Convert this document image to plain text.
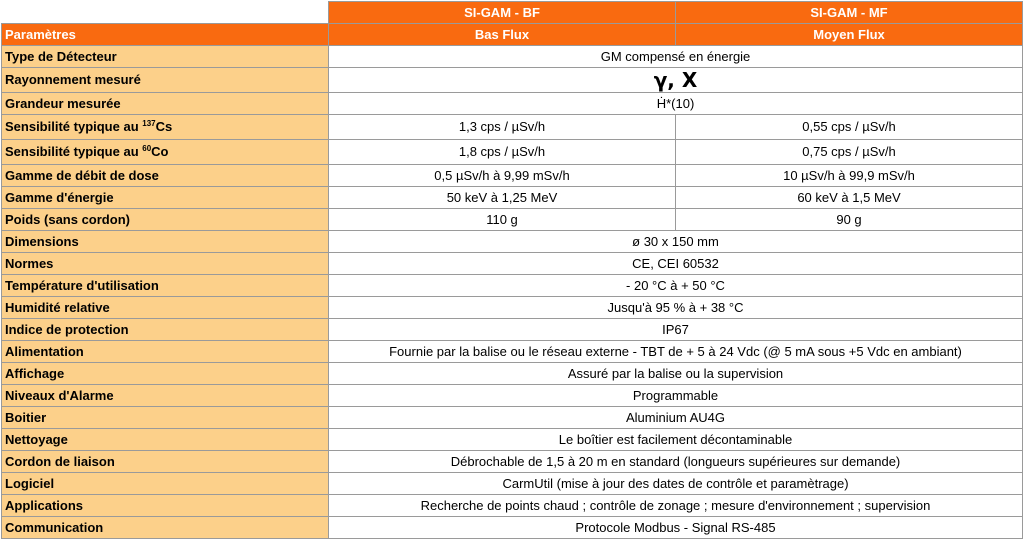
	SI-GAM - BF	SI-GAM - MF
Paramètres	Bas Flux	Moyen Flux
Type de Détecteur	GM compensé en énergie	
Rayonnement mesuré	γ, X	
Grandeur mesurée	Ḣ*(10)	
Sensibilité typique au $^{137}$Cs	1,3 cps / µSv/h	0,55 cps / µSv/h
Sensibilité typique au $^{60}$Co	1,8 cps / µSv/h	0,75 cps / µSv/h
Gamme de débit de dose	0,5 µSv/h à 9,99 mSv/h	10 µSv/h à 99,9 mSv/h
Gamme d'énergie	50 keV à 1,25 MeV	60 keV à 1,5 MeV
Poids (sans cordon)	110 g	90 g
Dimensions	ø 30 x 150 mm	
Normes	CE, CEI 60532	
Température d'utilisation	- 20 °C à + 50 °C	
Humidité relative	Jusqu'à 95 % à + 38 °C	
Indice de protection	IP67	
Alimentation	Fournie par la balise ou le réseau externe - TBT de + 5 à 24 Vdc (@ 5 mA sous +5 Vdc en ambiant)	
Affichage	Assuré par la balise ou la supervision	
Niveaux d'Alarme	Programmable	
Boitier	Aluminium AU4G	
Nettoyage	Le boîtier est facilement décontaminable	
Cordon de liaison	Débrochable de 1,5 à 20 m en standard (longueurs supérieures sur demande)	
Logiciel	CarmUtil (mise à jour des dates de contrôle et paramètrage)	
Applications	Recherche de points chaud ; contrôle de zonage ; mesure d'environnement ; supervision	
Communication	Protocole Modbus - Signal RS-485	
